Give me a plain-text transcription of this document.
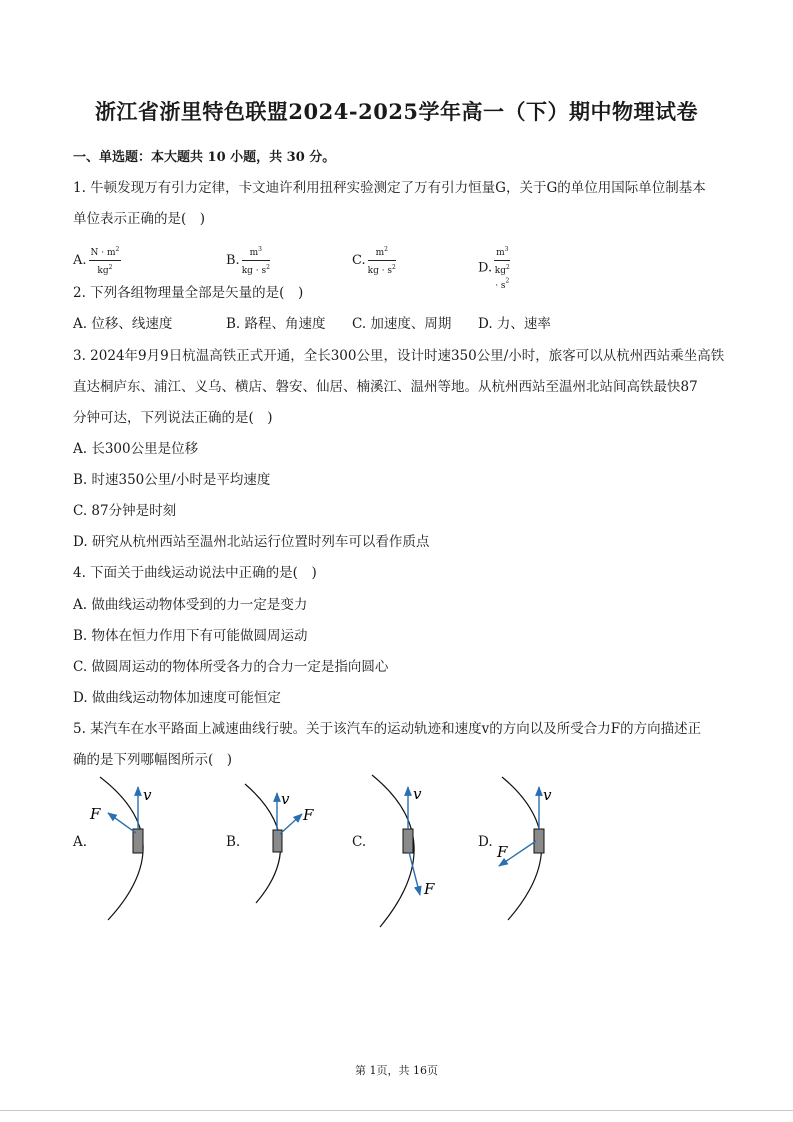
浙江省浙里特色联盟2024-2025学年高一（下）期中物理试卷
一、单选题：本大题共 10 小题，共 30 分。
1. 牛顿发现万有引力定律，卡文迪许利用扭秤实验测定了万有引力恒量G，关于G的单位用国际单位制基本
单位表示正确的是(　)
A. $\frac{N \cdot m^2}{kg^2}$	B. $\frac{m^3}{kg \cdot s^2}$	C. $\frac{m^2}{kg \cdot s^2}$	D.
$m^3$
$kg^2$
· $s^2$
2. 下列各组物理量全部是矢量的是(　)
A. 位移、线速度	B. 路程、角速度 C. 加速度、周期 D. 力、速率
3. 2024年9月9日杭温高铁正式开通，全长300公里，设计时速350公里/小时，旅客可以从杭州西站乘坐高铁
直达桐庐东、浦江、义乌、横店、磐安、仙居、楠溪江、温州等地。从杭州西站至温州北站间高铁最快87
分钟可达，下列说法正确的是(　)
A. 长300公里是位移
B. 时速350公里/小时是平均速度
C. 87分钟是时刻
D. 研究从杭州西站至温州北站运行位置时列车可以看作质点
4. 下面关于曲线运动说法中正确的是(　)
A. 做曲线运动物体受到的力一定是变力
B. 物体在恒力作用下有可能做圆周运动
C. 做圆周运动的物体所受各力的合力一定是指向圆心
D. 做曲线运动物体加速度可能恒定
5. 某汽车在水平路面上减速曲线行驶。关于该汽车的运动轨迹和速度v的方向以及所受合力F的方向描述正
确的是下列哪幅图所示(　)
A.	B.	C.	D.
v
F
v
F
v
F
v
F
第 1页，共 16页
